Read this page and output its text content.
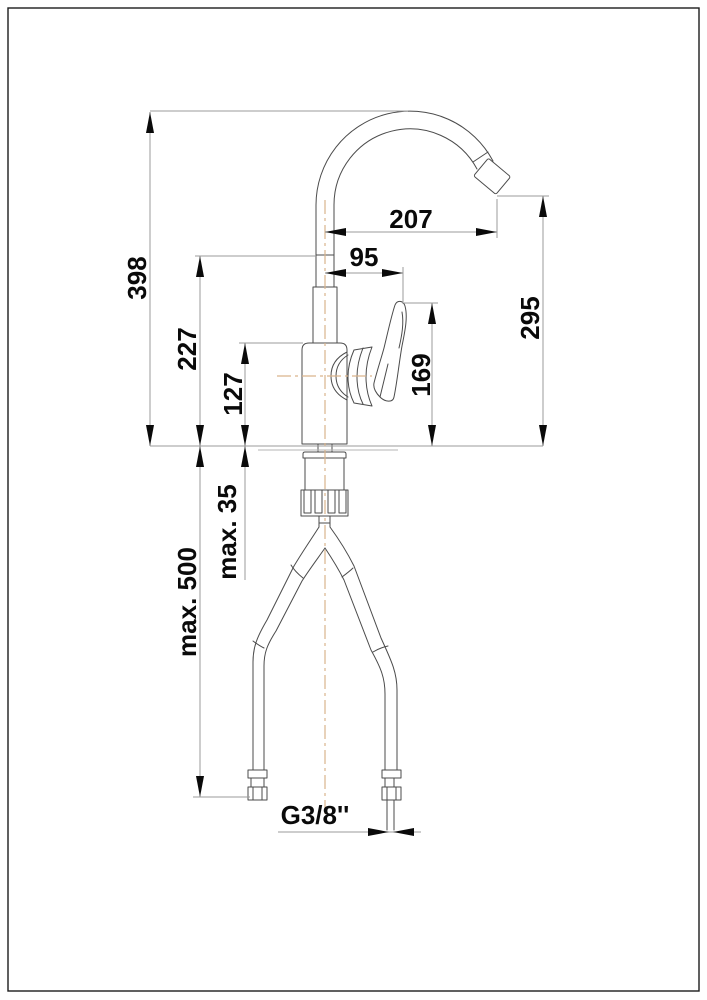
398
227
127
max. 500
max. 35
169
295
207
95
G3/8''
